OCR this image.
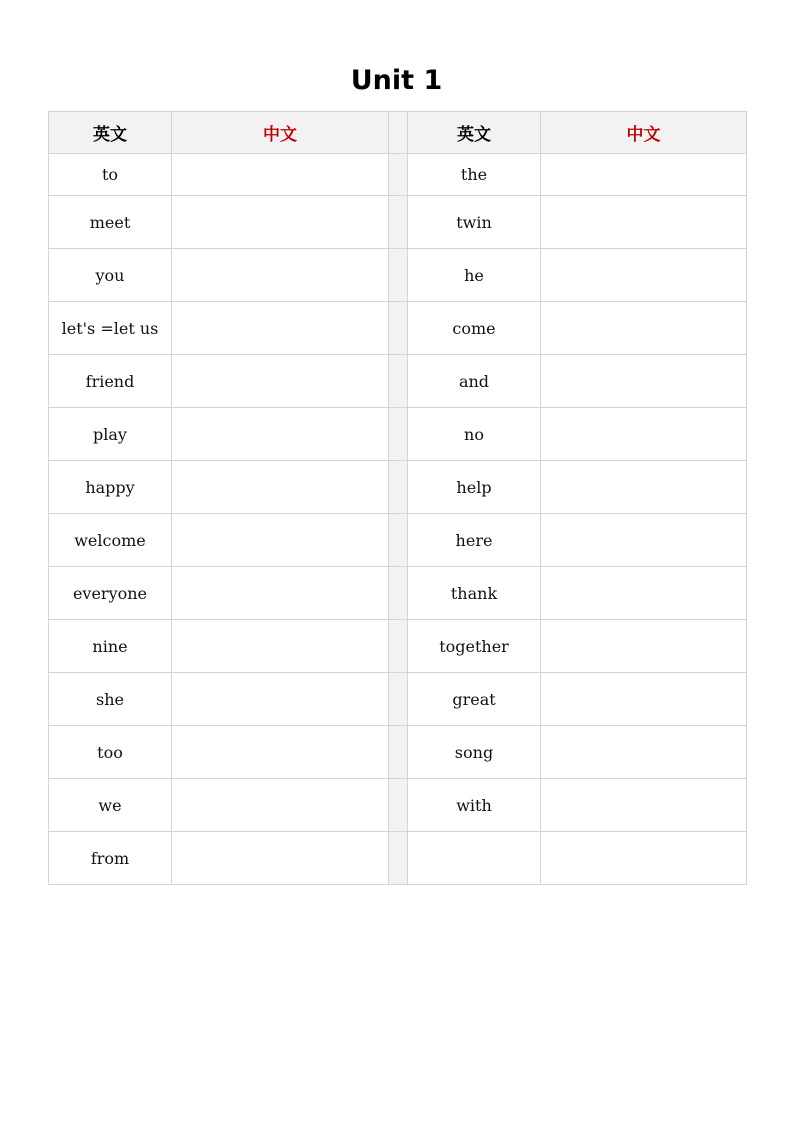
Unit 1
英文	中文		英文	中文
to			the	
meet			twin	
you			he	
let's =let us			come	
friend			and	
play			no	
happy			help	
welcome			here	
everyone			thank	
nine			together	
she			great	
too			song	
we			with	
from				
